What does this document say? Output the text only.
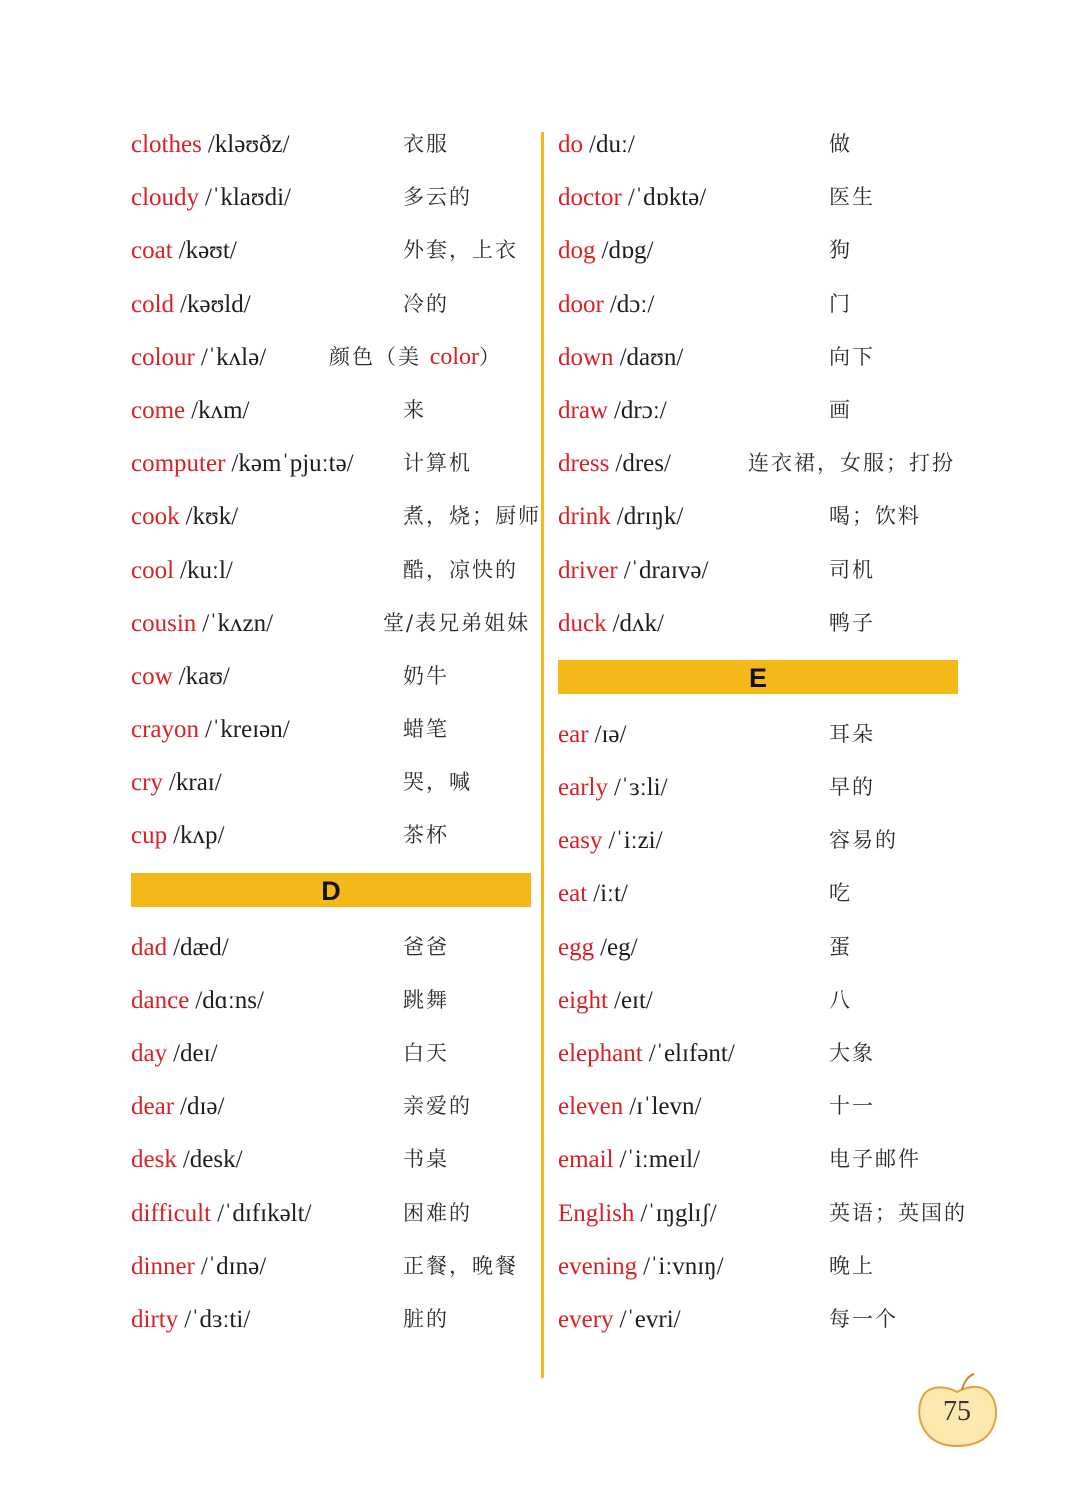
clothes /kləʊðz/	衣服
cloudy /ˈklaʊdi/	多云的
coat /kəʊt/	外套，上衣
cold /kəʊld/	冷的
colour /ˈkʌlə/	颜色（美 color）
come /kʌm/	来
computer /kəmˈpjuːtə/ 计算机
cook /kʊk/	煮，烧；厨师
cool /kuːl/	酷，凉快的
cousin /ˈkʌzn/	堂/表兄弟姐妹
cow /kaʊ/	奶牛
crayon /ˈkreɪən/	蜡笔
cry /kraɪ/	哭，喊
cup /kʌp/	茶杯
D
dad /dæd/	爸爸
dance /dɑːns/	跳舞
day /deɪ/	白天
dear /dɪə/	亲爱的
desk /desk/	书桌
difficult /ˈdɪfɪkəlt/	困难的
dinner /ˈdɪnə/	正餐，晚餐
dirty /ˈdɜːti/	脏的
do /duː/	做
doctor /ˈdɒktə/	医生
dog /dɒg/	狗
door /dɔː/	门
down /daʊn/	向下
draw /drɔː/	画
dress /dres/	连衣裙，女服；打扮
drink /drɪŋk/	喝；饮料
driver /ˈdraɪvə/	司机
duck /dʌk/	鸭子
E
ear /ɪə/	耳朵
early /ˈɜːli/	早的
easy /ˈiːzi/	容易的
eat /iːt/	吃
egg /eg/	蛋
eight /eɪt/	八
elephant /ˈelɪfənt/	大象
eleven /ɪˈlevn/	十一
email /ˈiːmeɪl/	电子邮件
English /ˈɪŋglɪʃ/	英语；英国的
evening /ˈiːvnɪŋ/	晚上
every /ˈevri/	每一个
75
